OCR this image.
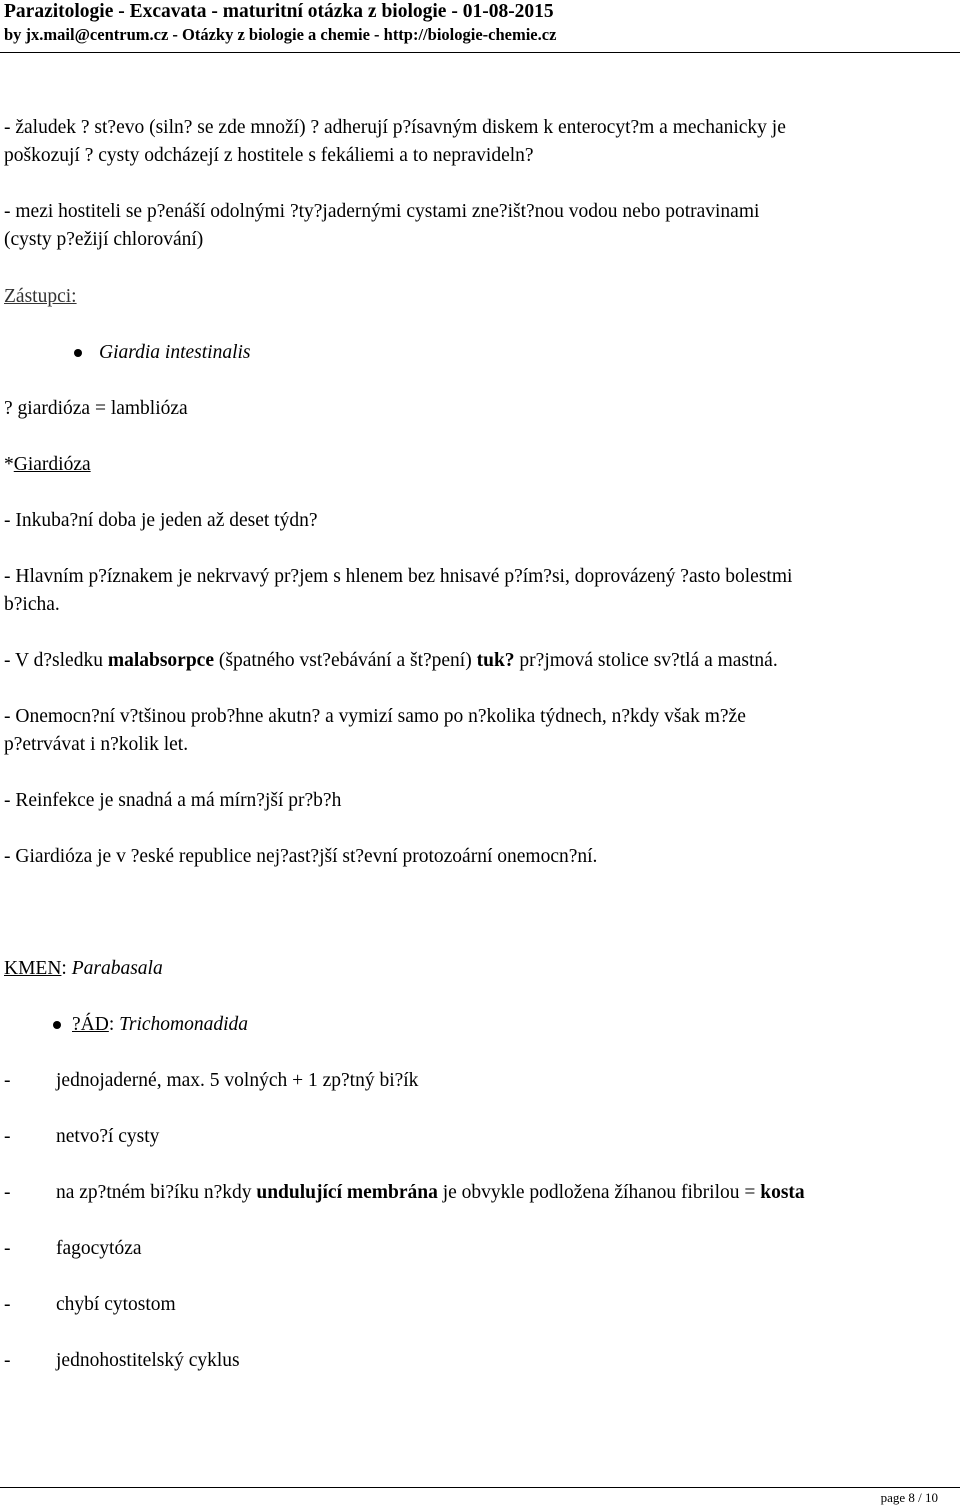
Parazitologie - Excavata - maturitní otázka z biologie - 01-08-2015
by jx.mail@centrum.cz - Otázky z biologie a chemie - http://biologie-chemie.cz
- žaludek ? st?evo (siln? se zde množí) ? adherují p?ísavným diskem k enterocyt?m a mechanicky je
poškozují ? cysty odcházejí z hostitele s fekáliemi a to nepravideln?
- mezi hostiteli se p?enáší odolnými ?ty?jadernými cystami zne?išt?nou vodou nebo potravinami
(cysty p?ežijí chlorování)
Zástupci:
Giardia intestinalis
? giardióza = lamblióza
*Giardióza
- Inkuba?ní doba je jeden až deset týdn?
- Hlavním p?íznakem je nekrvavý pr?jem s hlenem bez hnisavé p?ím?si, doprovázený ?asto bolestmi
b?icha.
- V d?sledku malabsorpce (špatného vst?ebávání a št?pení) tuk? pr?jmová stolice sv?tlá a mastná.
- Onemocn?ní v?tšinou prob?hne akutn? a vymizí samo po n?kolika týdnech, n?kdy však m?že
p?etrvávat i n?kolik let.
- Reinfekce je snadná a má mírn?jší pr?b?h
- Giardióza je v ?eské republice nej?ast?jší st?evní protozoární onemocn?ní.
KMEN: Parabasala
?ÁD: Trichomonadida
- jednojaderné, max. 5 volných + 1 zp?tný bi?ík
- netvo?í cysty
- na zp?tném bi?íku n?kdy undulující membrána je obvykle podložena žíhanou fibrilou = kosta
- fagocytóza
- chybí cytostom
- jednohostitelský cyklus
page 8 / 10
